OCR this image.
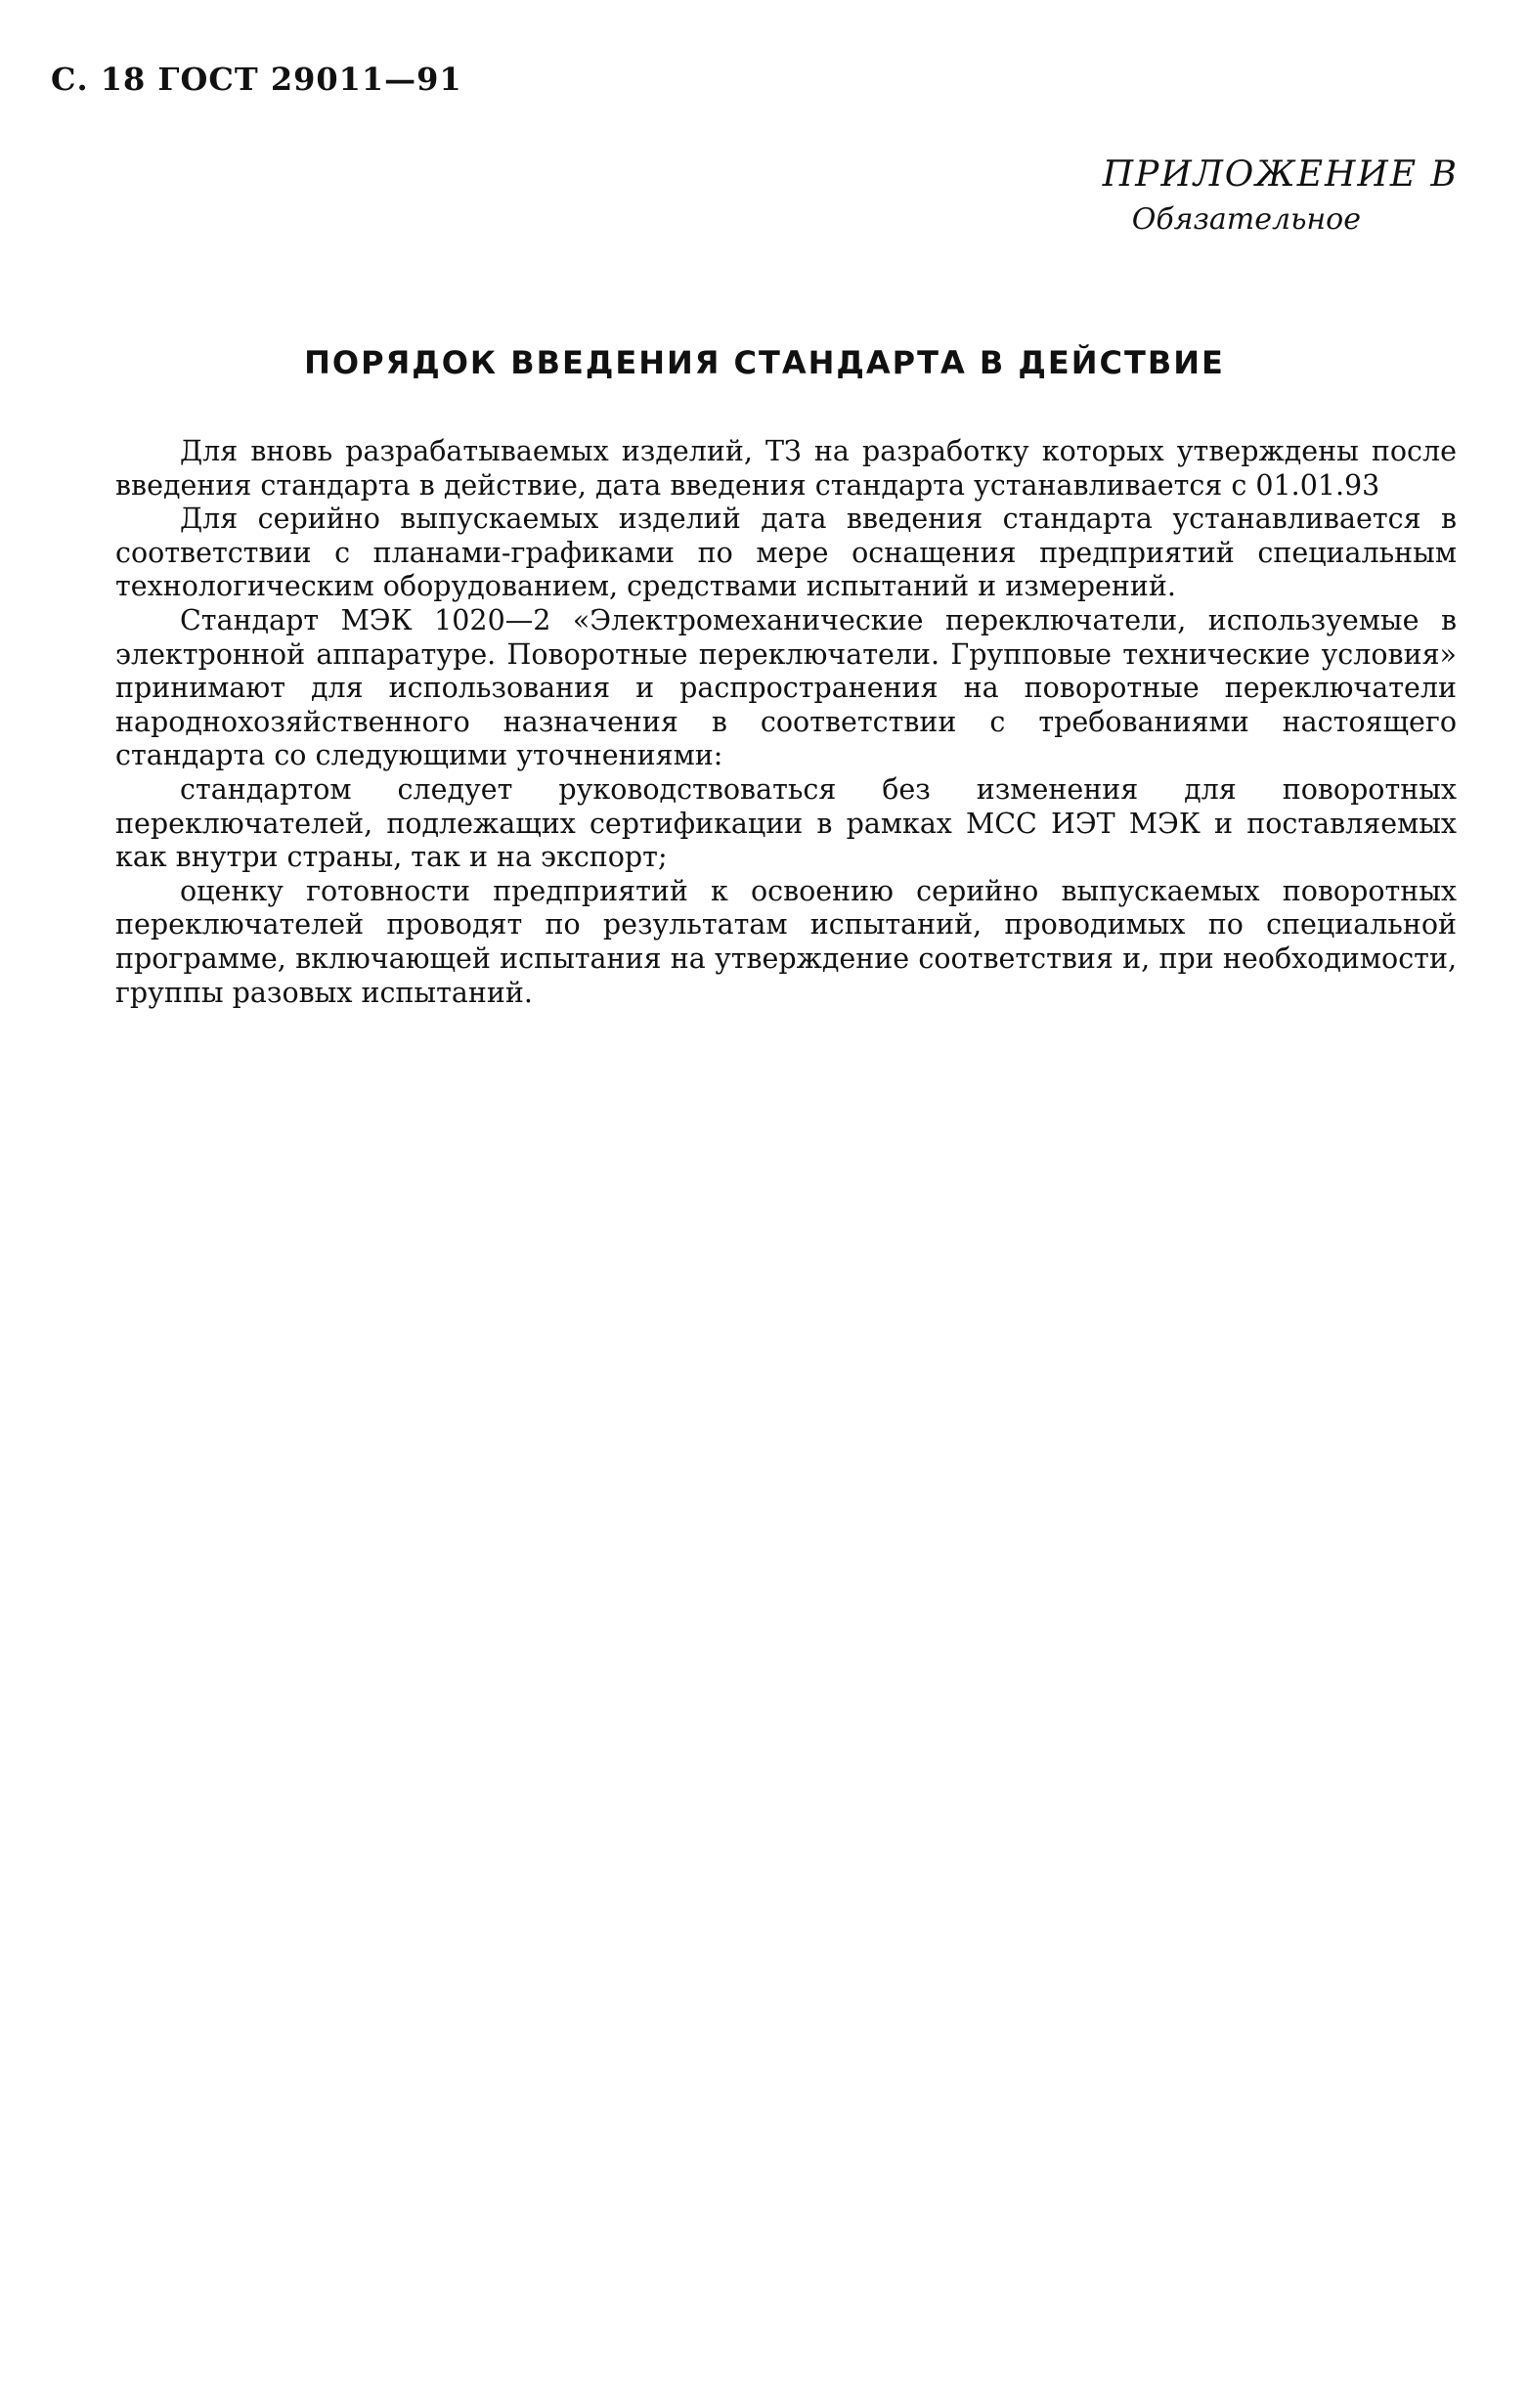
С. 18 ГОСТ 29011—91

ПРИЛОЖЕНИЕ В

Обязательное

ПОРЯДОК ВВЕДЕНИЯ СТАНДАРТА В ДЕЙСТВИЕ

Для вновь разрабатываемых изделий, ТЗ на разработку которых утверждены после введения стандарта в действие, дата введения стандарта устанавливается с 01.01.93

Для серийно выпускаемых изделий дата введения стандарта устанавливается в соответствии с планами-графиками по мере оснащения предприятий специальным технологическим оборудованием, средствами испытаний и измерений.

Стандарт МЭК 1020—2 «Электромеханические переключатели, используемые в электронной аппаратуре. Поворотные переключатели. Групповые технические условия» принимают для использования и распространения на поворотные переключатели народнохозяйственного назначения в соответствии с требованиями настоящего стандарта со следующими уточнениями:

стандартом следует руководствоваться без изменения для поворотных переключателей, подлежащих сертификации в рамках МСС ИЭТ МЭК и поставляемых как внутри страны, так и на экспорт;

оценку готовности предприятий к освоению серийно выпускаемых поворотных переключателей проводят по результатам испытаний, проводимых по специальной программе, включающей испытания на утверждение соответствия и, при необходимости, группы разовых испытаний.
